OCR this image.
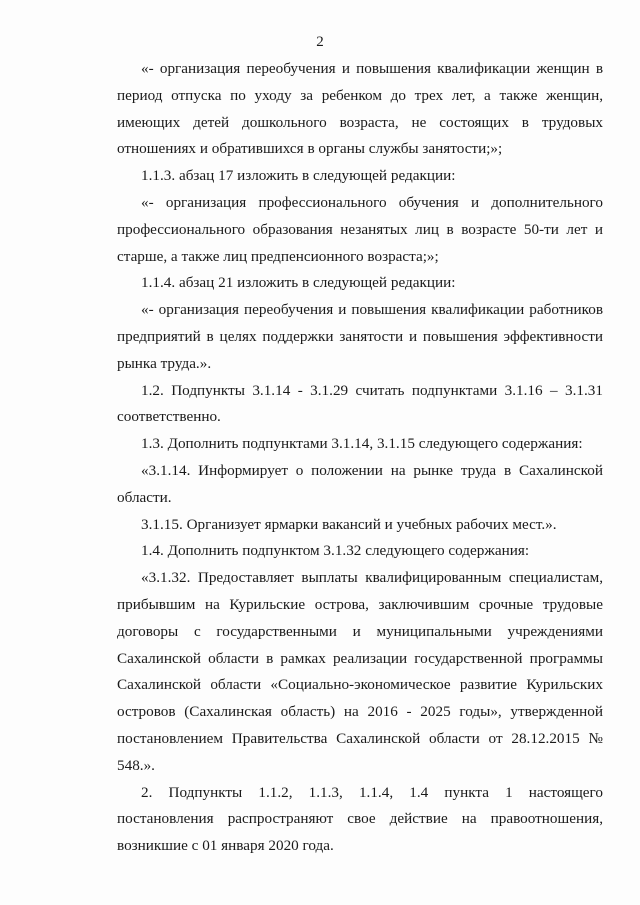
2

«- организация переобучения и повышения квалификации женщин в период отпуска по уходу за ребенком до трех лет, а также женщин, имеющих детей дошкольного возраста, не состоящих в трудовых отношениях и обратившихся в органы службы занятости;»;

1.1.3. абзац 17 изложить в следующей редакции:

«- организация профессионального обучения и дополнительного профессионального образования незанятых лиц в возрасте 50-ти лет и старше, а также лиц предпенсионного возраста;»;

1.1.4. абзац 21 изложить в следующей редакции:

«- организация переобучения и повышения квалификации работников предприятий в целях поддержки занятости и повышения эффективности рынка труда.».

1.2. Подпункты 3.1.14 - 3.1.29 считать подпунктами 3.1.16 – 3.1.31 соответственно.

1.3. Дополнить подпунктами 3.1.14, 3.1.15 следующего содержания:

«3.1.14. Информирует о положении на рынке труда в Сахалинской области.

3.1.15. Организует ярмарки вакансий и учебных рабочих мест.».

1.4. Дополнить подпунктом 3.1.32 следующего содержания:

«3.1.32. Предоставляет выплаты квалифицированным специалистам, прибывшим на Курильские острова, заключившим срочные трудовые договоры с государственными и муниципальными учреждениями Сахалинской области в рамках реализации государственной программы Сахалинской области «Социально-экономическое развитие Курильских островов (Сахалинская область) на 2016 - 2025 годы», утвержденной постановлением Правительства Сахалинской области от 28.12.2015 № 548.».

2. Подпункты 1.1.2, 1.1.3, 1.1.4, 1.4 пункта 1 настоящего постановления распространяют свое действие на правоотношения, возникшие с 01 января 2020 года.
